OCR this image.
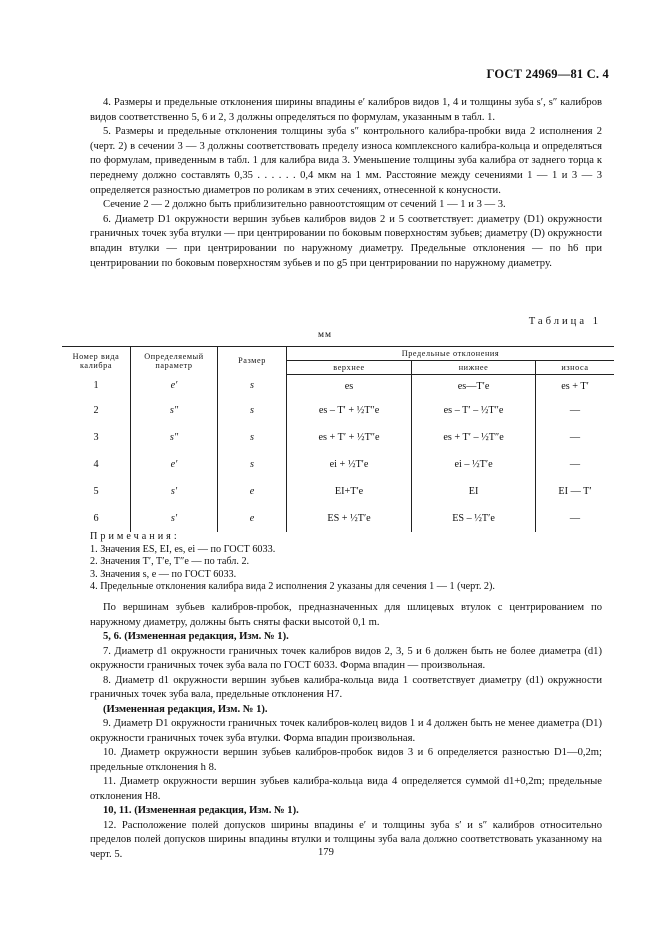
ГОСТ 24969—81 С. 4

4. Размеры и предельные отклонения ширины впадины e′ калибров видов 1, 4 и толщины зуба s′, s″ калибров видов соответственно 5, 6 и 2, 3 должны определяться по формулам, указанным в табл. 1.

5. Размеры и предельные отклонения толщины зуба s″ контрольного калибра-пробки вида 2 исполнения 2 (черт. 2) в сечении 3 — 3 должны соответствовать пределу износа комплексного калибра-кольца и определяться по формулам, приведенным в табл. 1 для калибра вида 3. Уменьшение толщины зуба калибра от заднего торца к переднему должно составлять 0,35 . . . . . . 0,4 мкм на 1 мм. Расстояние между сечениями 1 — 1 и 3 — 3 определяется разностью диаметров по роликам в этих сечениях, отнесенной к конусности.

Сечение 2 — 2 должно быть приблизительно равноотстоящим от сечений 1 — 1 и 3 — 3.

6. Диаметр D1 окружности вершин зубьев калибров видов 2 и 5 соответствует: диаметру (D1) окружности граничных точек зуба втулки — при центрировании по боковым поверхностям зубьев; диаметру (D) окружности впадин втулки — при центрировании по наружному диаметру. Предельные отклонения — по h6 при центрировании по боковым поверхностям зубьев и по g5 при центрировании по наружному диаметру.

Таблица 1
мм
Номер вида калибра	Определяемый параметр	Размер	Предельные отклонения		
			верхнее	нижнее	износа
1	e′	s	es	es—T′e	es + T′
2	s″	s	es – T′ + ½T″e	es – T′ – ½T″e	—
3	s″	s	es + T′ + ½T″e	es + T′ – ½T″e	—
4	e′	s	ei + ½T′e	ei – ½T′e	—
5	s′	e	EI+T′e	EI	EI — T′
6	s′	e	ES + ½T′e	ES – ½T′e	—
Примечания:
1. Значения ES, EI, es, ei — по ГОСТ 6033.
2. Значения T′, T′e, T″e — по табл. 2.
3. Значения s, e — по ГОСТ 6033.
4. Предельные отклонения калибра вида 2 исполнения 2 указаны для сечения 1 — 1 (черт. 2).

По вершинам зубьев калибров-пробок, предназначенных для шлицевых втулок с центрированием по наружному диаметру, должны быть сняты фаски высотой 0,1 m.

5, 6. (Измененная редакция, Изм. № 1).

7. Диаметр d1 окружности граничных точек калибров видов 2, 3, 5 и 6 должен быть не более диаметра (d1) окружности граничных точек зуба вала по ГОСТ 6033. Форма впадин — произвольная.

8. Диаметр d1 окружности вершин зубьев калибра-кольца вида 1 соответствует диаметру (d1) окружности граничных точек зуба вала, предельные отклонения H7.

(Измененная редакция, Изм. № 1).

9. Диаметр D1 окружности граничных точек калибров-колец видов 1 и 4 должен быть не менее диаметра (D1) окружности граничных точек зуба втулки. Форма впадин произвольная.

10. Диаметр окружности вершин зубьев калибров-пробок видов 3 и 6 определяется разностью D1—0,2m; предельные отклонения h 8.

11. Диаметр окружности вершин зубьев калибра-кольца вида 4 определяется суммой d1+0,2m; предельные отклонения H8.

10, 11. (Измененная редакция, Изм. № 1).

12. Расположение полей допусков ширины впадины e′ и толщины зуба s′ и s″ калибров относительно пределов полей допусков ширины впадины втулки и толщины зуба вала должно соответствовать указанному на черт. 5.	179
